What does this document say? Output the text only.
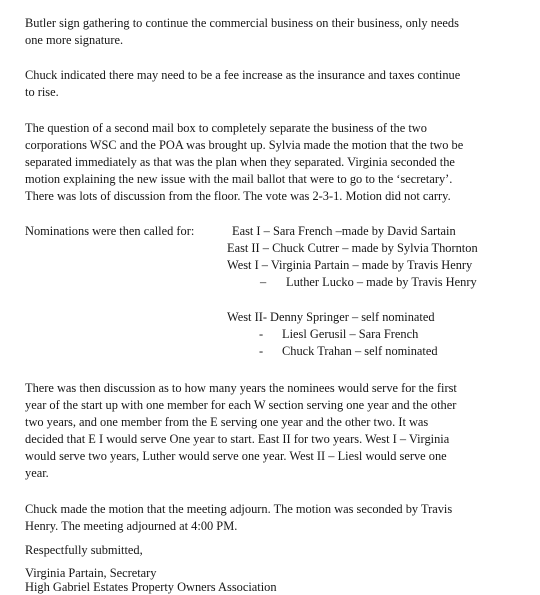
Butler sign gathering to continue the commercial business on their business, only needs
one more signature.
Chuck indicated there may need to be a fee increase as the insurance and taxes continue
to rise.
The question of a second mail box to completely separate the business of the two
corporations WSC and the POA was brought up. Sylvia made the motion that the two be
separated immediately as that was the plan when they separated. Virginia seconded the
motion explaining the new issue with the mail ballot that were to go to the ‘secretary’.
There was lots of discussion from the floor. The vote was 2-3-1. Motion did not carry.
Nominations were then called for:	East I – Sara French –made by David Sartain
East II – Chuck Cutrer – made by Sylvia Thornton
West I – Virginia Partain – made by Travis Henry
– Luther Lucko – made by Travis Henry
West II- Denny Springer – self nominated
- Liesl Gerusil – Sara French
- Chuck Trahan – self nominated
There was then discussion as to how many years the nominees would serve for the first
year of the start up with one member for each W section serving one year and the other
two years, and one member from the E serving one year and the other two. It was
decided that E I would serve One year to start. East II for two years. West I – Virginia
would serve two years, Luther would serve one year. West II – Liesl would serve one
year.
Chuck made the motion that the meeting adjourn. The motion was seconded by Travis
Henry. The meeting adjourned at 4:00 PM.
Respectfully submitted,
Virginia Partain, Secretary
High Gabriel Estates Property Owners Association
